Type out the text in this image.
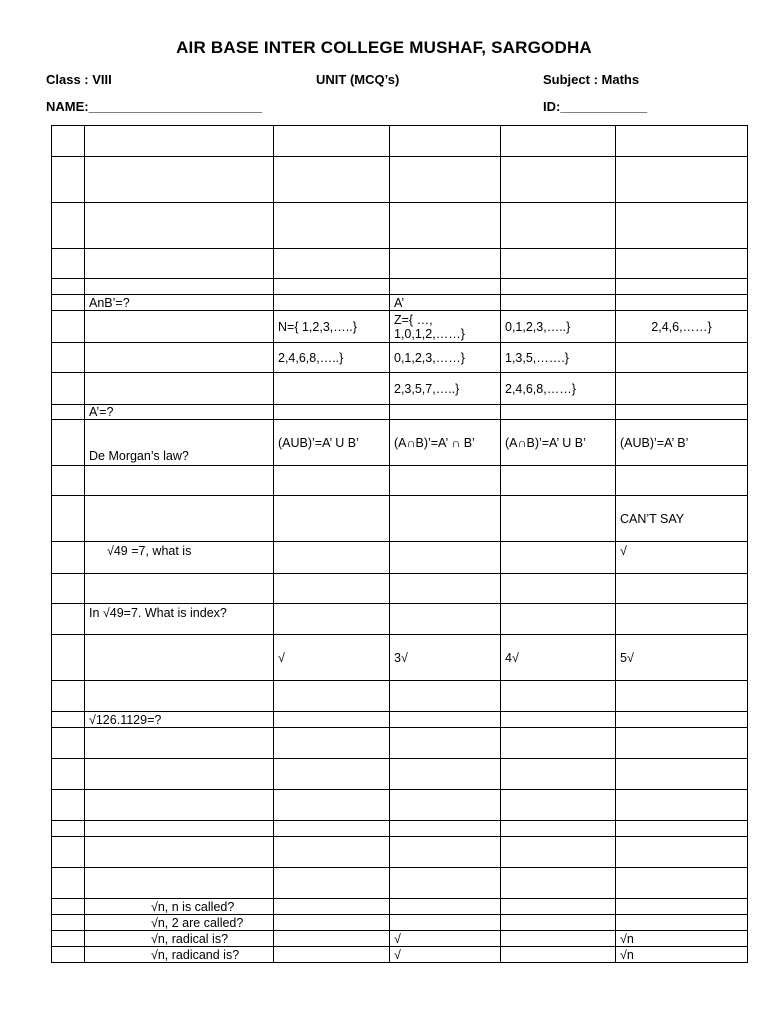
AIR BASE INTER COLLEGE MUSHAF, SARGODHA
Class : VIII	UNIT (MCQ’s)	Subject : Maths
NAME:________________________	ID:____________

	AnB’=?		A’		
		N={ 1,2,3,…..}	Z={ …, 1,0,1,2,……}	0,1,2,3,…..}	2,4,6,……}
		2,4,6,8,…..}	0,1,2,3,……}	1,3,5,…….}	
			2,3,5,7,…..}	2,4,6,8,……}	
	A’=?				
	De Morgan’s law?	(AUB)’=A’ U B’	(A∩B)’=A’ ∩ B’	(A∩B)’=A’ U B’	(AUB)’=A’ B’

					CAN’T SAY
	√49 =7, what is				√

	In √49=7. What is index?				
		√	3√	4√	5√

	√126.1129=?				

	√n, n is called?				
	√n, 2 are called?				
	√n, radical is?		√		√n
	√n, radicand is?		√		√n
